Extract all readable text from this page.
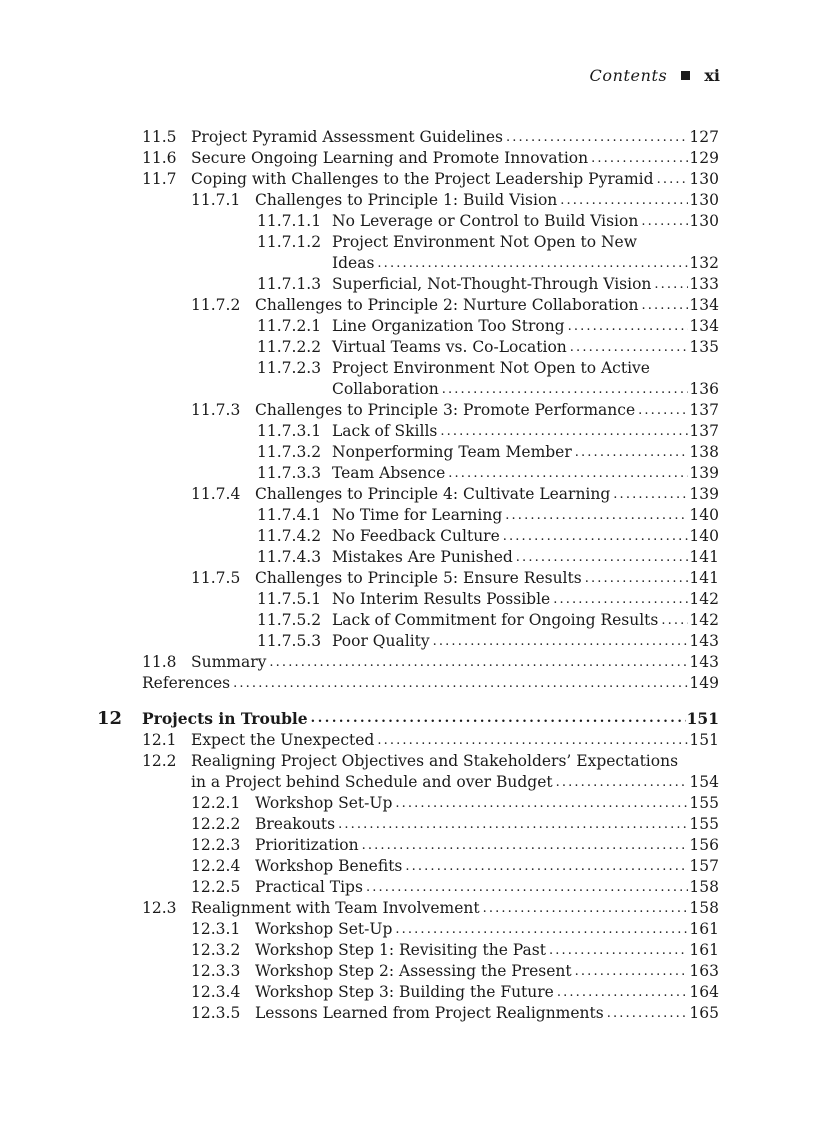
Contents xi
11.5 Project Pyramid Assessment Guidelines . . .	127
11.6 Secure Ongoing Learning and Promote Innovation . . .	129
11.7 Coping with Challenges to the Project Leadership Pyramid . . . 130
11.7.1 Challenges to Principle 1: Build Vision . . .	130
11.7.1.1 No Leverage or Control to Build Vision . . .	130
11.7.1.2 Project Environment Not Open to New
Ideas . . .	132
11.7.1.3 Superficial, Not-Thought-Through Vision . . . 133
11.7.2 Challenges to Principle 2: Nurture Collaboration . . .	134
11.7.2.1 Line Organization Too Strong . . .	134
11.7.2.2 Virtual Teams vs. Co-Location . . .	135
11.7.2.3 Project Environment Not Open to Active
Collaboration . . .	136
11.7.3 Challenges to Principle 3: Promote Performance . . .	137
11.7.3.1 Lack of Skills . . .	137
11.7.3.2 Nonperforming Team Member . . .	138
11.7.3.3 Team Absence . . .	139
11.7.4 Challenges to Principle 4: Cultivate Learning . . .	139
11.7.4.1 No Time for Learning . . .	140
11.7.4.2 No Feedback Culture . . .	140
11.7.4.3 Mistakes Are Punished . . .	141
11.7.5 Challenges to Principle 5: Ensure Results . . .	141
11.7.5.1 No Interim Results Possible . . .	142
11.7.5.2 Lack of Commitment for Ongoing Results . . . 142
11.7.5.3 Poor Quality . . .	143
11.8 Summary . . .	143
References . . .	149
12 Projects in Trouble . . .	151
12.1 Expect the Unexpected . . .	151
12.2 Realigning Project Objectives and Stakeholders’ Expectations
in a Project behind Schedule and over Budget . . .	154
12.2.1 Workshop Set-Up . . .	155
12.2.2 Breakouts . . .	155
12.2.3 Prioritization . . .	156
12.2.4 Workshop Benefits . . .	157
12.2.5 Practical Tips . . .	158
12.3 Realignment with Team Involvement . . .	158
12.3.1 Workshop Set-Up . . .	161
12.3.2 Workshop Step 1: Revisiting the Past . . .	161
12.3.3 Workshop Step 2: Assessing the Present . . .	163
12.3.4 Workshop Step 3: Building the Future . . .	164
12.3.5 Lessons Learned from Project Realignments . . .	165
